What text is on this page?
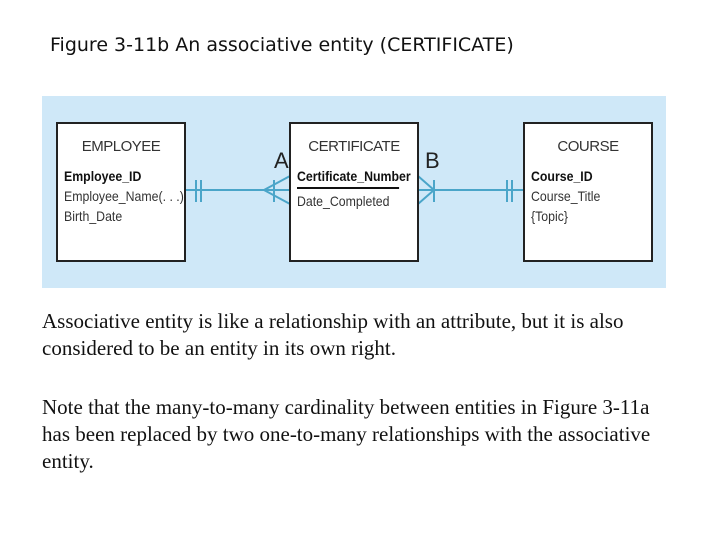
Figure 3-11b An associative entity (CERTIFICATE)
EMPLOYEE
Employee_ID
Employee_Name(. . .)
Birth_Date
CERTIFICATE
Certificate_Number
Date_Completed
COURSE
Course_ID
Course_Title
{Topic}
A	B
Associative entity is like a relationship with an attribute, but it is also considered to be an entity in its own right.
Note that the many-to-many cardinality between entities in Figure 3-11a has been replaced by two one-to-many relationships with the associative entity.
